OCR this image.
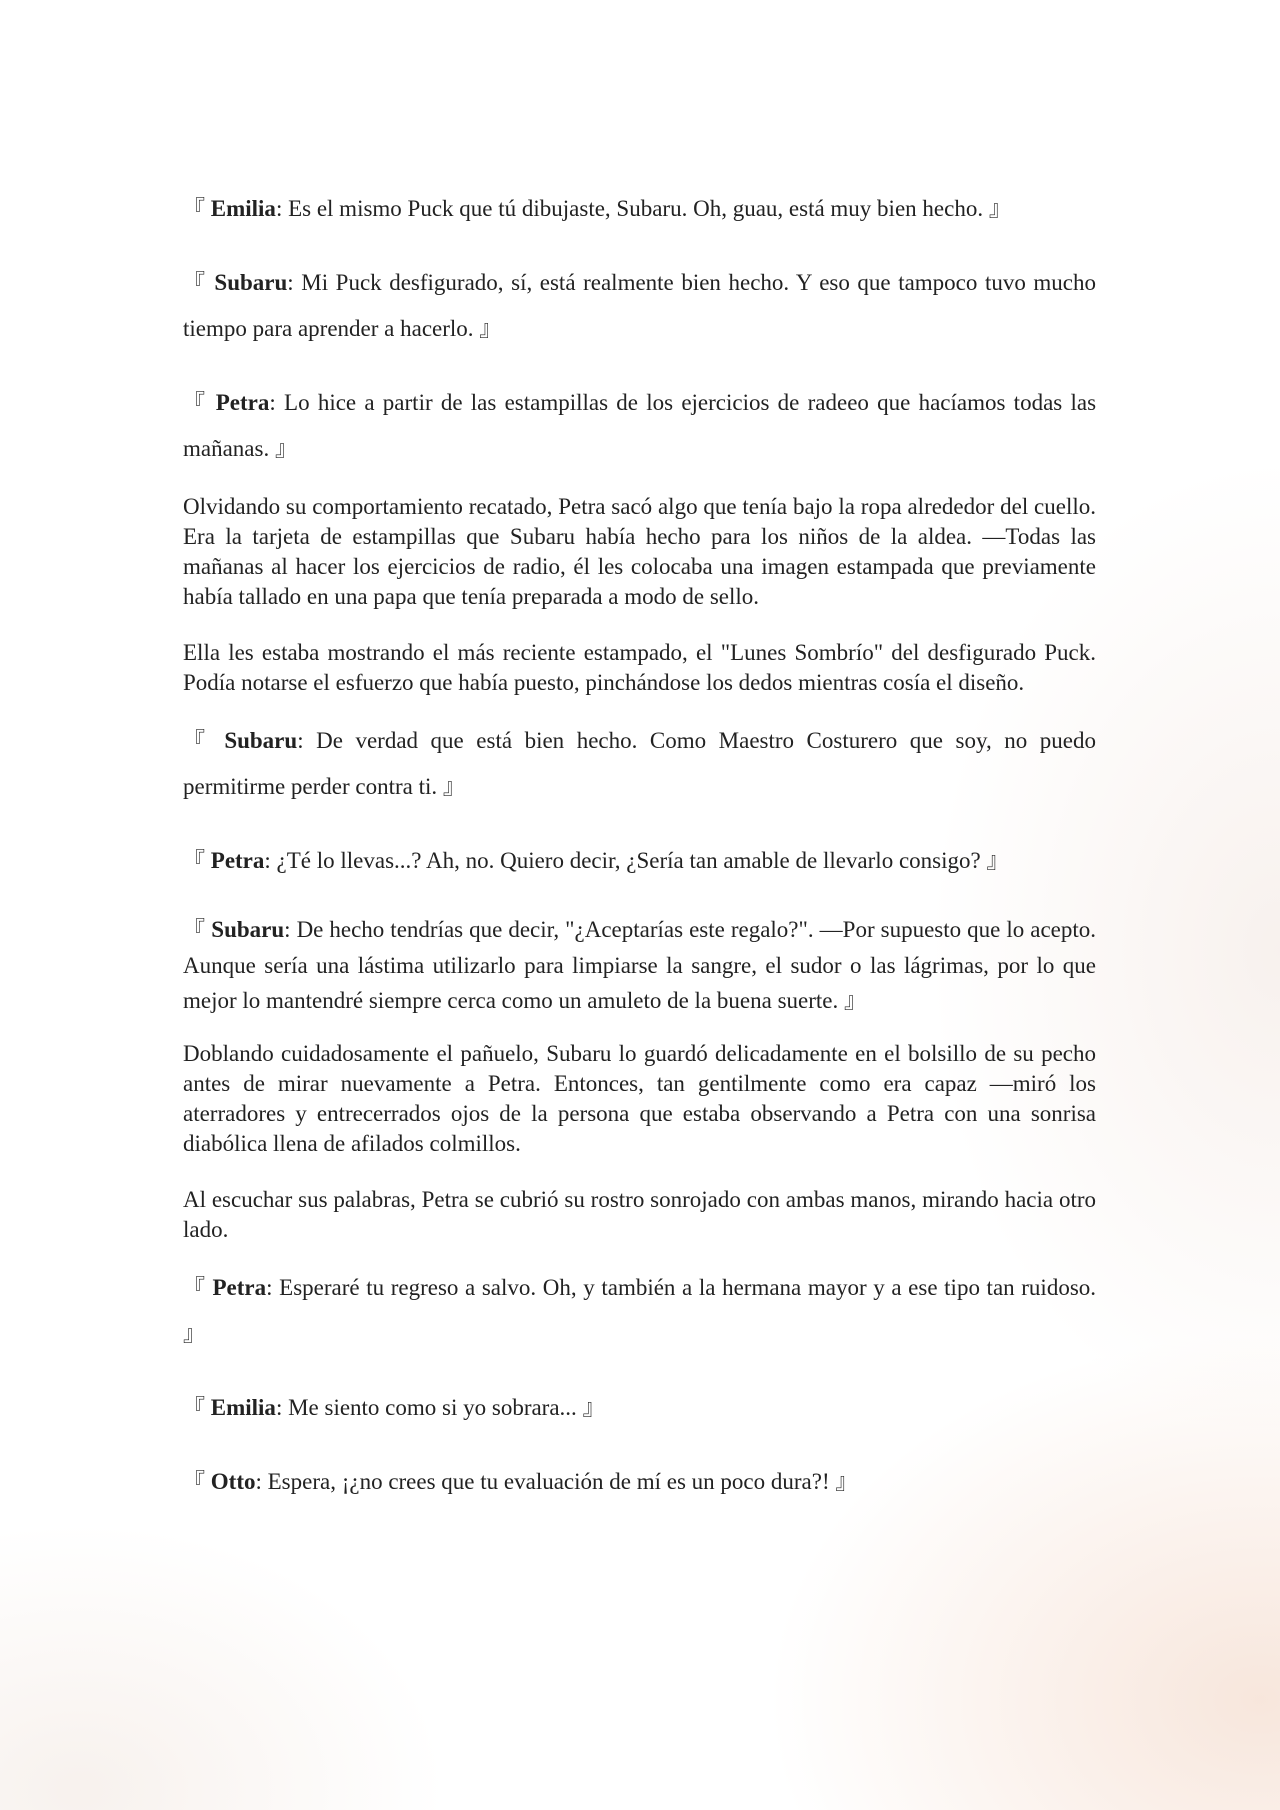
『 Emilia: Es el mismo Puck que tú dibujaste, Subaru. Oh, guau, está muy bien hecho. 』

『 Subaru: Mi Puck desfigurado, sí, está realmente bien hecho. Y eso que tampoco tuvo mucho tiempo para aprender a hacerlo. 』

『 Petra: Lo hice a partir de las estampillas de los ejercicios de radeeo que hacíamos todas las mañanas. 』

Olvidando su comportamiento recatado, Petra sacó algo que tenía bajo la ropa alrededor del cuello. Era la tarjeta de estampillas que Subaru había hecho para los niños de la aldea. —Todas las mañanas al hacer los ejercicios de radio, él les colocaba una imagen estampada que previamente había tallado en una papa que tenía preparada a modo de sello.

Ella les estaba mostrando el más reciente estampado, el "Lunes Sombrío" del desfigurado Puck. Podía notarse el esfuerzo que había puesto, pinchándose los dedos mientras cosía el diseño.

『 Subaru: De verdad que está bien hecho. Como Maestro Costurero que soy, no puedo permitirme perder contra ti. 』

『 Petra: ¿Té lo llevas...? Ah, no. Quiero decir, ¿Sería tan amable de llevarlo consigo? 』

『 Subaru: De hecho tendrías que decir, "¿Aceptarías este regalo?". —Por supuesto que lo acepto. Aunque sería una lástima utilizarlo para limpiarse la sangre, el sudor o las lágrimas, por lo que mejor lo mantendré siempre cerca como un amuleto de la buena suerte. 』

Doblando cuidadosamente el pañuelo, Subaru lo guardó delicadamente en el bolsillo de su pecho antes de mirar nuevamente a Petra. Entonces, tan gentilmente como era capaz —miró los aterradores y entrecerrados ojos de la persona que estaba observando a Petra con una sonrisa diabólica llena de afilados colmillos.

Al escuchar sus palabras, Petra se cubrió su rostro sonrojado con ambas manos, mirando hacia otro lado.

『 Petra: Esperaré tu regreso a salvo. Oh, y también a la hermana mayor y a ese tipo tan ruidoso. 』

『 Emilia: Me siento como si yo sobrara... 』

『 Otto: Espera, ¡¿no crees que tu evaluación de mí es un poco dura?! 』
